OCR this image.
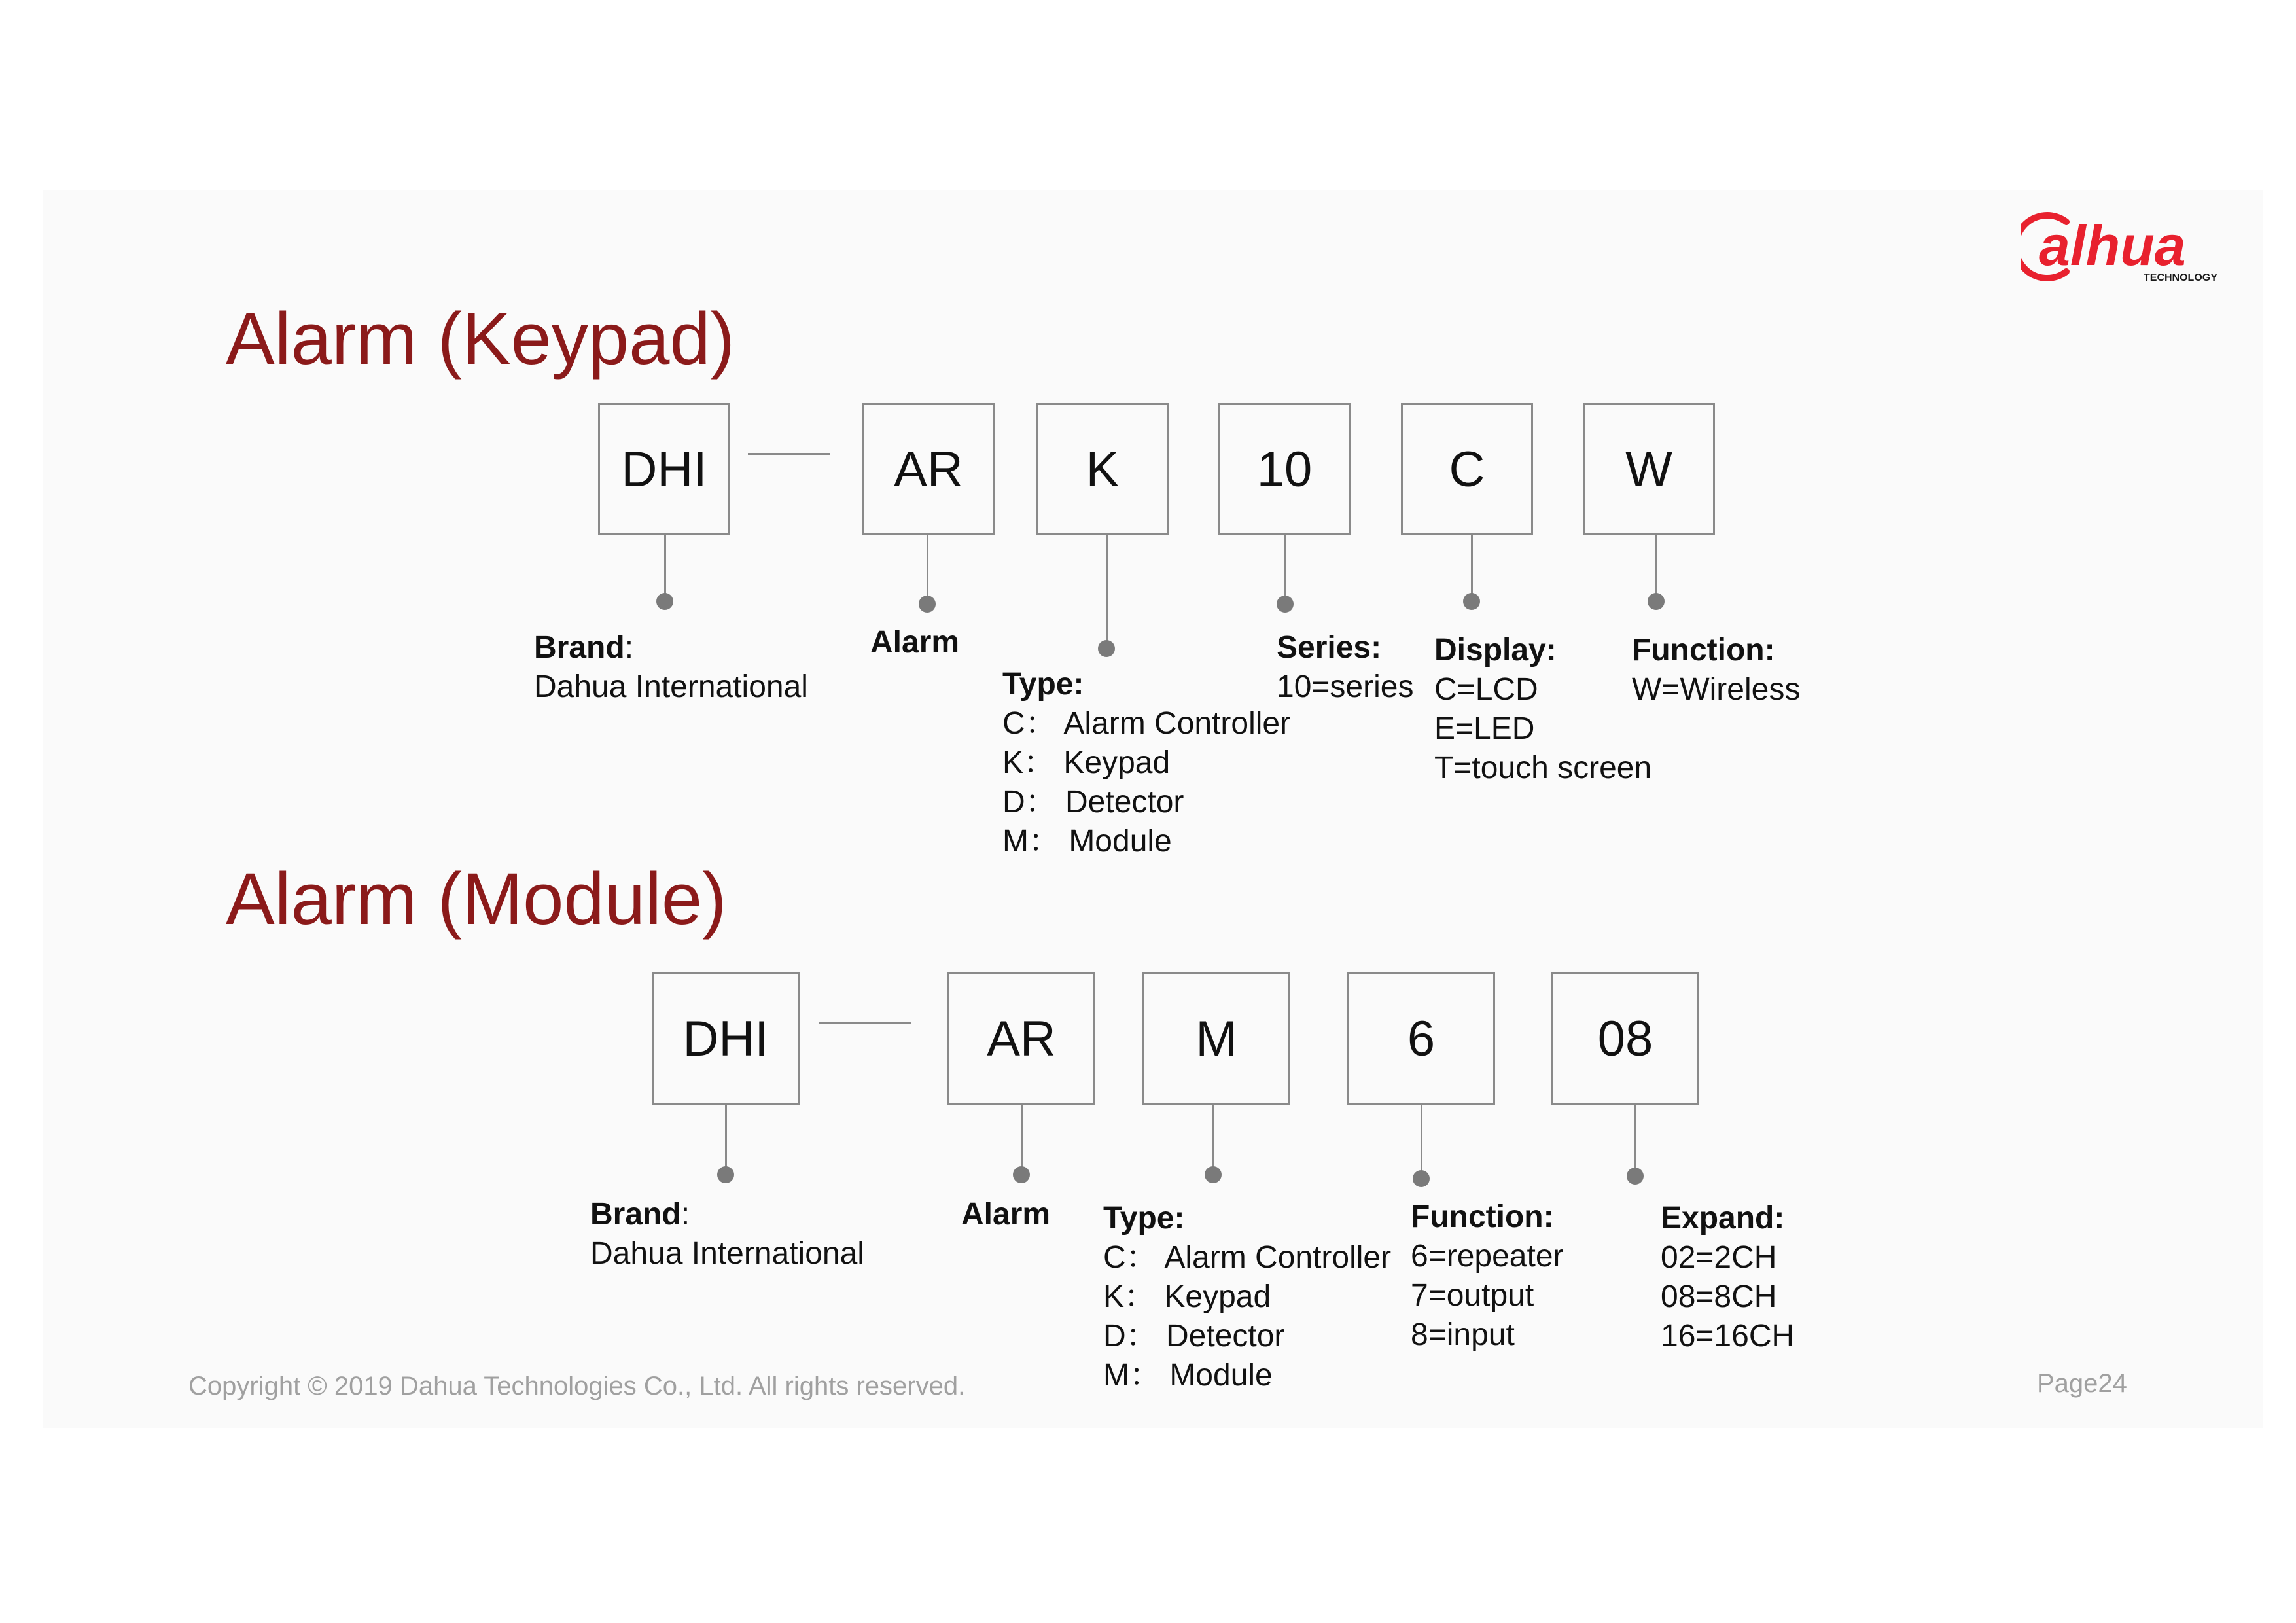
alhua
TECHNOLOGY
Alarm (Keypad)
DHI	AR	K	10	C	W
Brand:
Dahua International
Alarm
Type:
C： Alarm Controller
K： Keypad
D： Detector
M： Module
Series:
10=series
Display:
C=LCD
E=LED
T=touch screen
Function:
W=Wireless
Alarm (Module)
DHI	AR	M	6	08
Brand:
Dahua International
Alarm Type:
C： Alarm Controller
K： Keypad
D： Detector
M： Module
Function:
6=repeater
7=output
8=input
Expand:
02=2CH
08=8CH
16=16CH
Copyright © 2019 Dahua Technologies Co., Ltd. All rights reserved.	Page24
